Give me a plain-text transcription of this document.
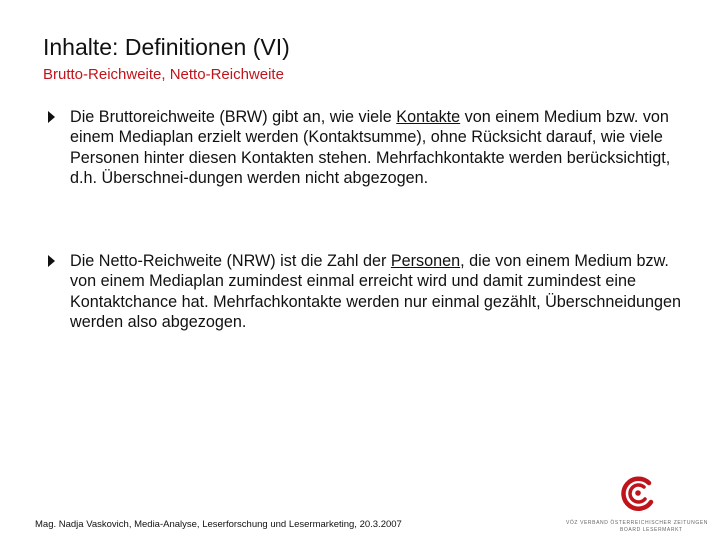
Inhalte: Definitionen (VI)
Brutto-Reichweite, Netto-Reichweite
Die Bruttoreichweite (BRW) gibt an, wie viele Kontakte von einem Medium bzw. von einem Mediaplan erzielt werden (Kontaktsumme), ohne Rücksicht darauf, wie viele Personen hinter diesen Kontakten stehen. Mehrfachkontakte werden berücksichtigt, d.h. Überschnei-dungen werden nicht abgezogen.
Die Netto-Reichweite (NRW) ist die Zahl der Personen, die von einem Medium bzw. von einem Mediaplan zumindest einmal erreicht wird und damit zumindest eine Kontaktchance hat. Mehrfachkontakte werden nur einmal gezählt, Überschneidungen werden also abgezogen.
Mag. Nadja Vaskovich, Media-Analyse, Leserforschung und Lesermarketing, 20.3.2007	VÖZ VERBAND ÖSTERREICHISCHER ZEITUNGEN
BOARD LESERMARKT
